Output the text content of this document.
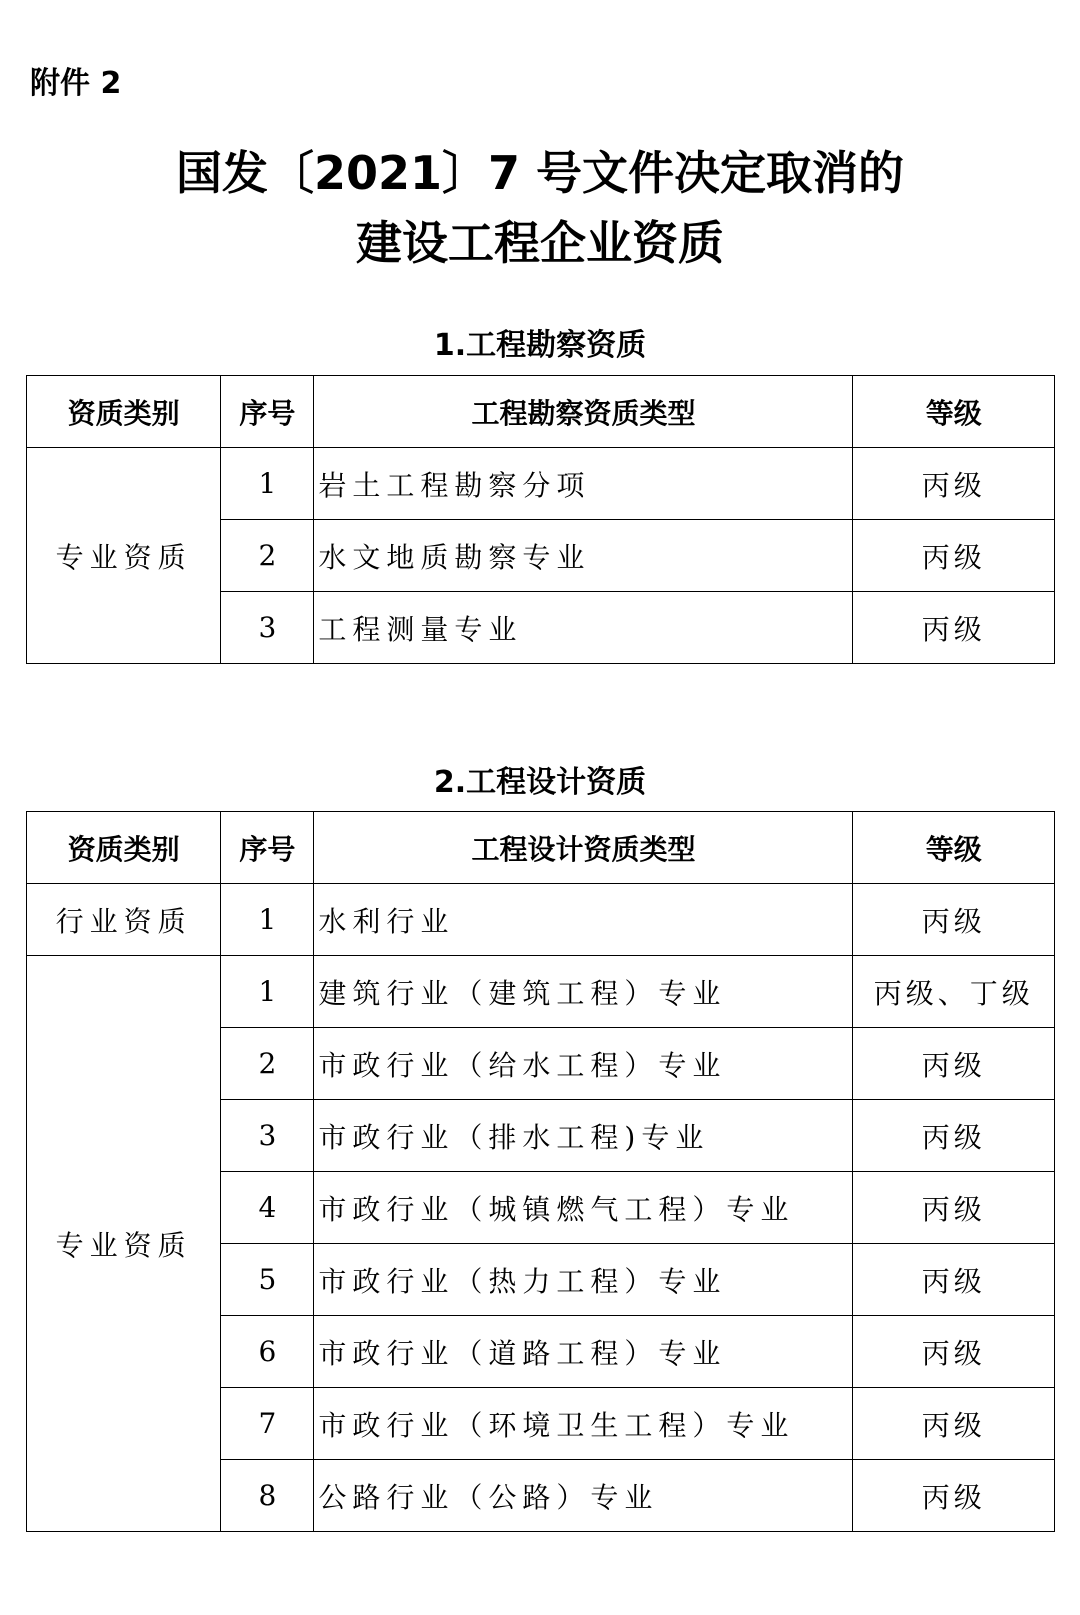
附件 2
国发〔2021〕7 号文件决定取消的
建设工程企业资质
1.工程勘察资质
资质类别	序号	工程勘察资质类型	等级
专业资质	1	岩土工程勘察分项	丙级
	2	水文地质勘察专业	丙级
	3	工程测量专业	丙级
2.工程设计资质
资质类别	序号	工程设计资质类型	等级
行业资质	1	水利行业	丙级
专业资质	1	建筑行业（建筑工程）专业	丙级、丁级
	2	市政行业（给水工程）专业	丙级
	3	市政行业（排水工程)专业	丙级
	4	市政行业（城镇燃气工程）专业	丙级
	5	市政行业（热力工程）专业	丙级
	6	市政行业（道路工程）专业	丙级
	7	市政行业（环境卫生工程）专业	丙级
	8	公路行业（公路）专业	丙级
